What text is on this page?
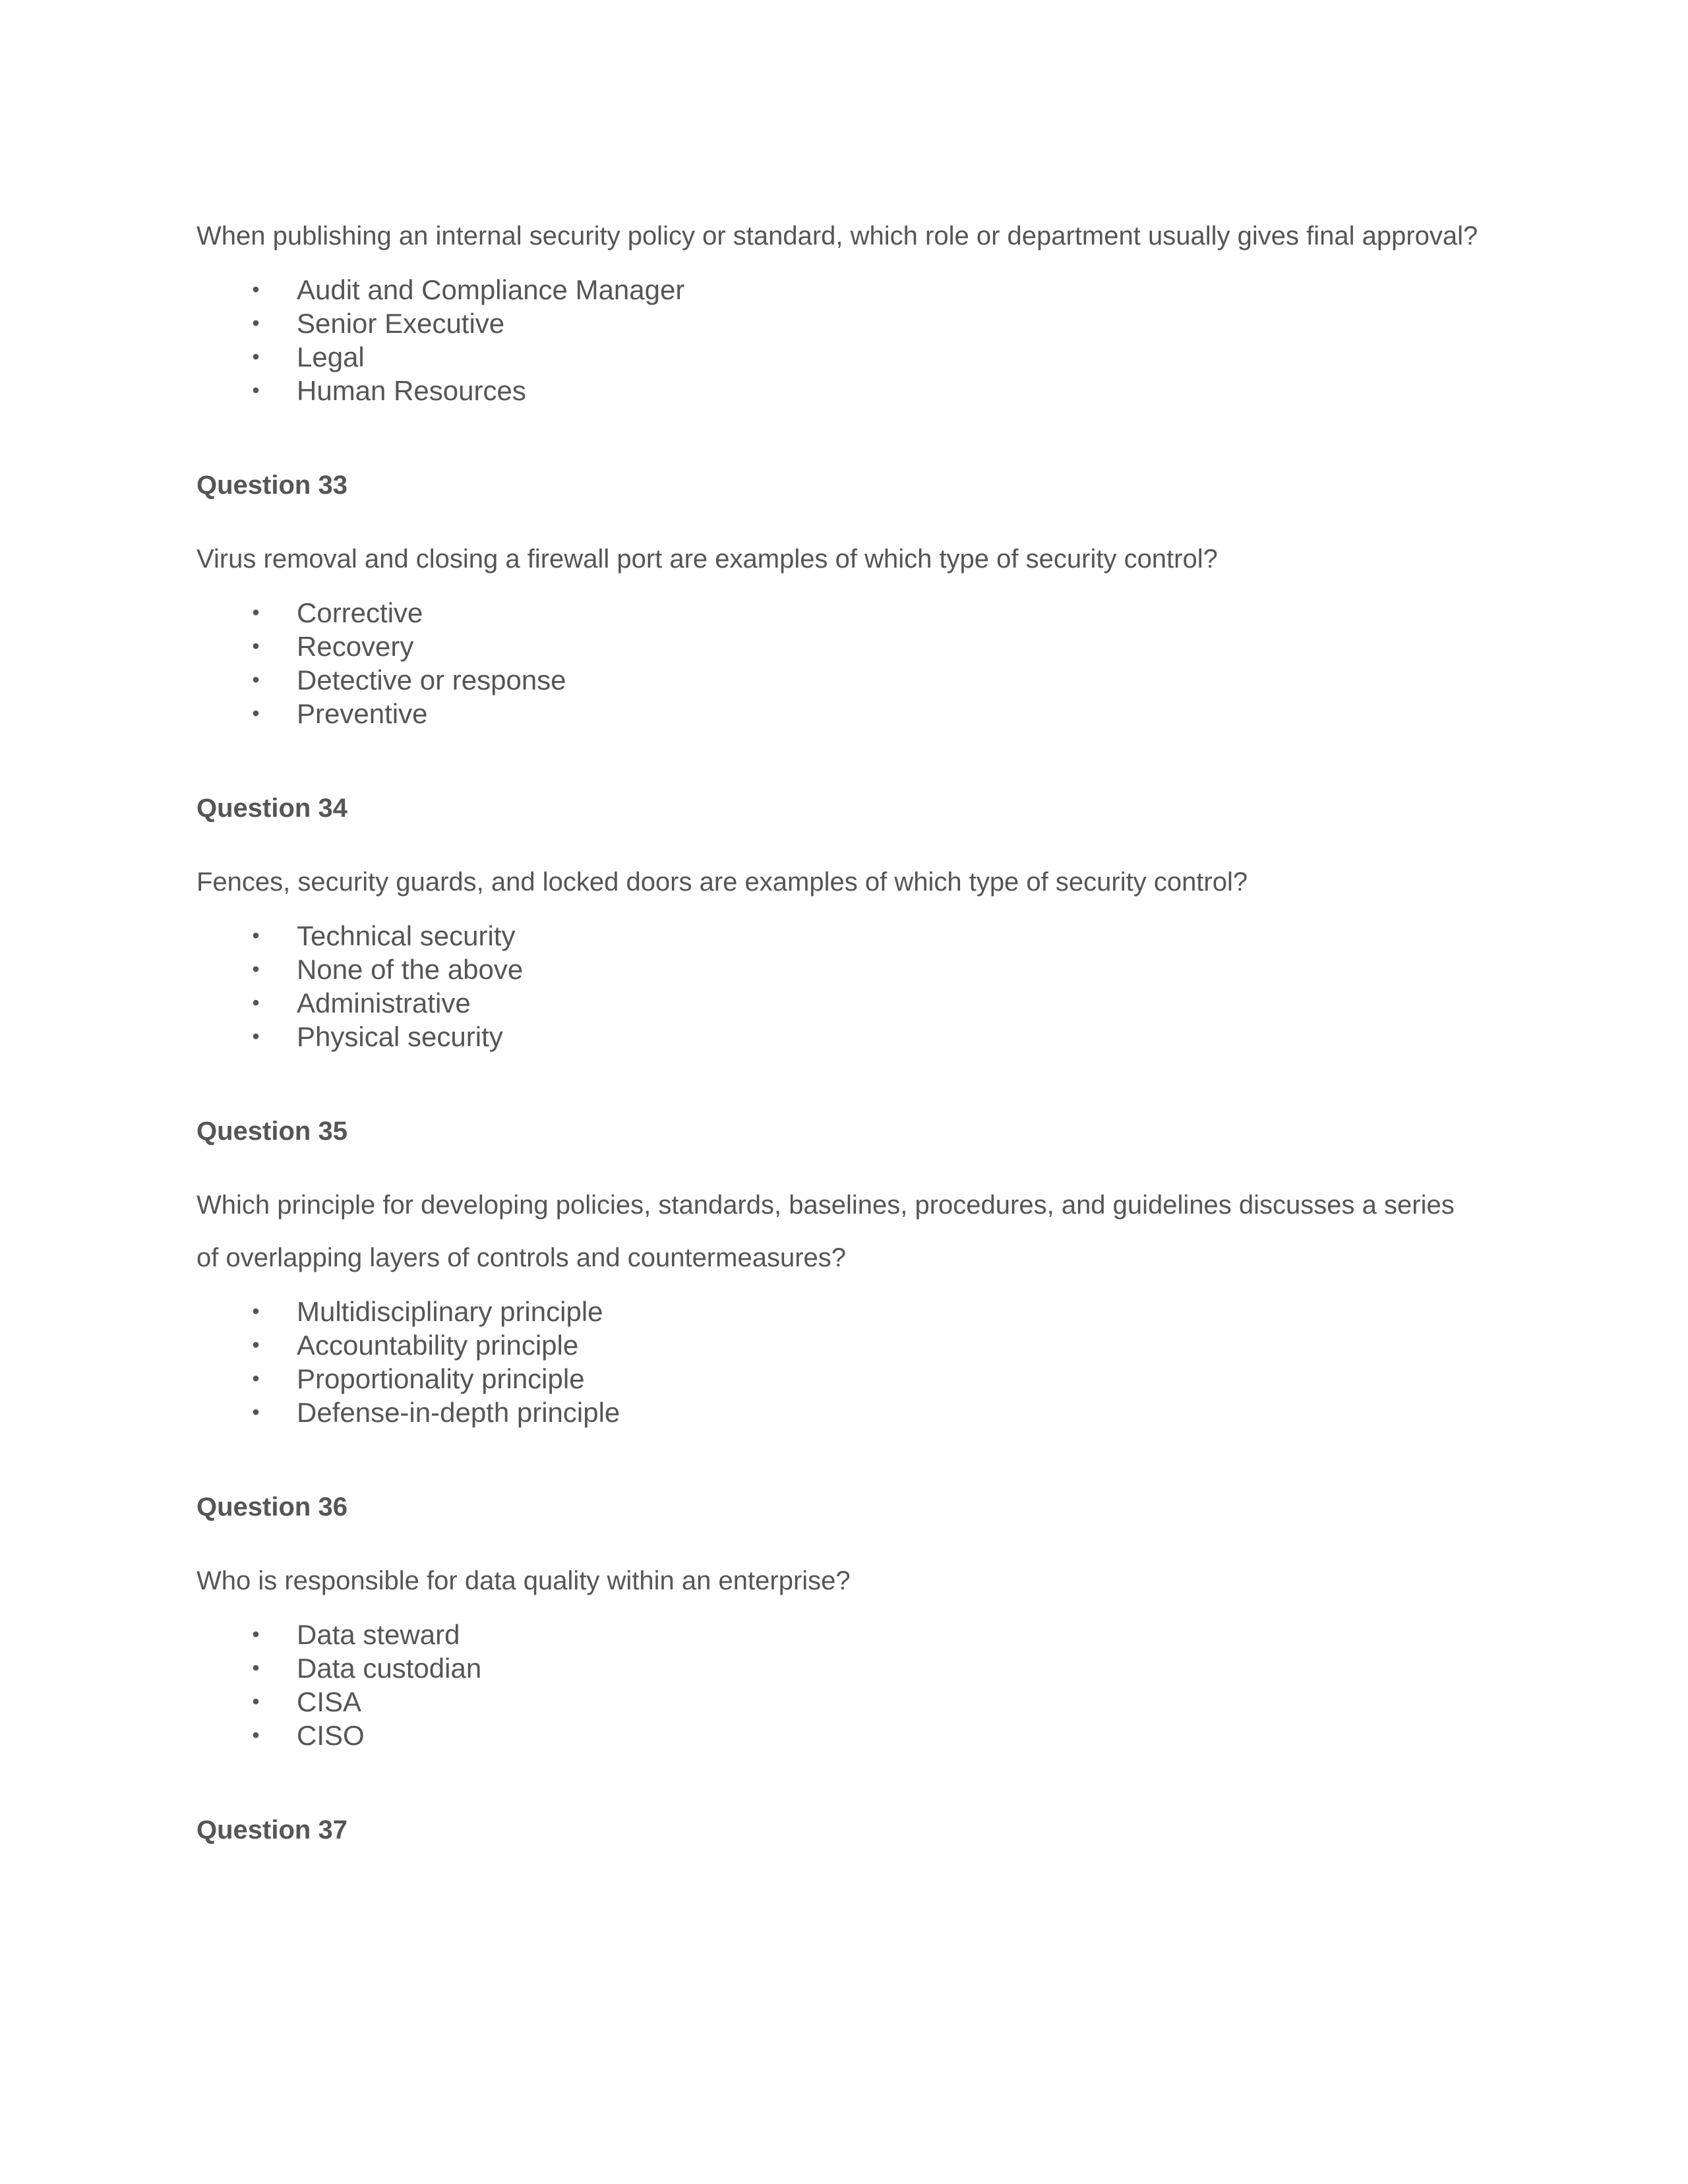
When publishing an internal security policy or standard, which role or department usually gives final approval?

• Audit and Compliance Manager
• Senior Executive
• Legal
• Human Resources
Question 33

Virus removal and closing a firewall port are examples of which type of security control?

• Corrective
• Recovery
• Detective or response
• Preventive
Question 34

Fences, security guards, and locked doors are examples of which type of security control?

• Technical security
• None of the above
• Administrative
• Physical security
Question 35

Which principle for developing policies, standards, baselines, procedures, and guidelines discusses a series of overlapping layers of controls and countermeasures?

• Multidisciplinary principle
• Accountability principle
• Proportionality principle
• Defense-in-depth principle
Question 36

Who is responsible for data quality within an enterprise?

• Data steward
• Data custodian
• CISA
• CISO
Question 37
